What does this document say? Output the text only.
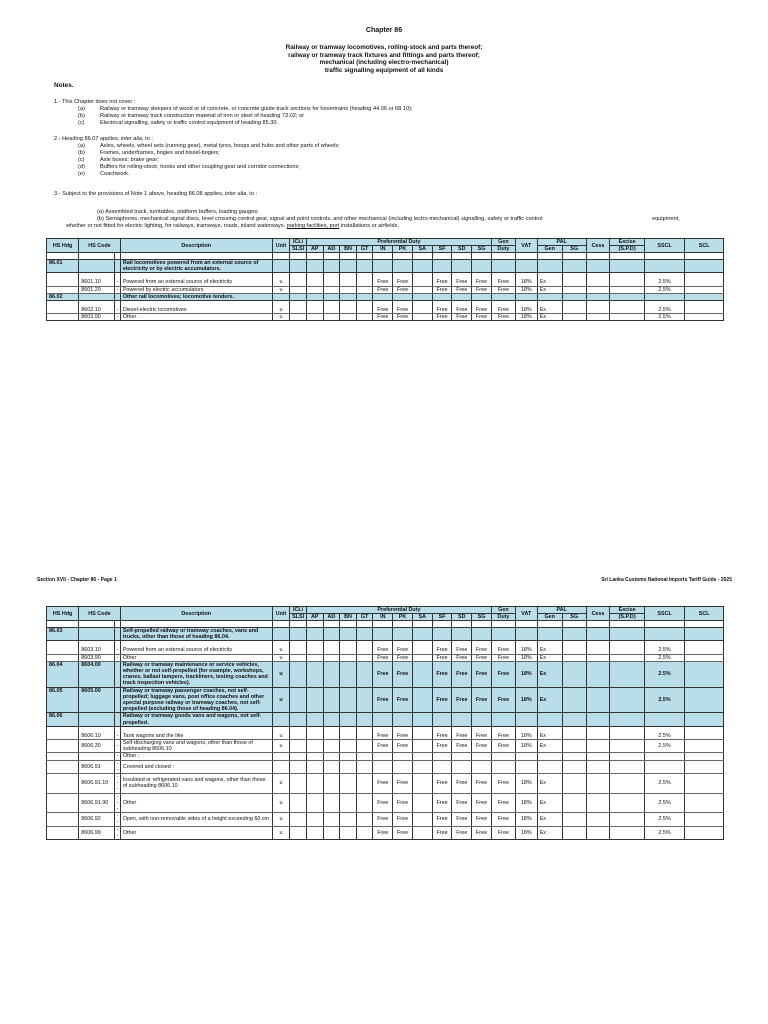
Chapter 86
Railway or tramway locomotives, rolling-stock and parts thereof;
railway or tramway track fixtures and fittings and parts thereof;
mechanical (including electro-mechanical)
traffic signalling equipment of all kinds
Notes.
1.- This Chapter does not cover :
(a)	Railway or tramway sleepers of wood or of concrete, or concrete guide-track sections for hovertrains (heading 44.06 or 68.10);
(b)	Railway or tramway track construction material of iron or steel of heading 73.02; or
(c)	Electrical signalling, safety or traffic control equipment of heading 85.30.
2.- Heading 86.07 applies, inter alia, to :
(a)	Axles, wheels, wheel sets (running gear), metal tyres, hoops and hubs and other parts of wheels;
(b)	Frames, underframes, bogies and bissel-bogies;
(c)	Axle boxes; brake gear;
(d)	Buffers for rolling-stock; hooks and other coupling gear and corridor connections;
(e)	Coachwork.
3.- Subject to the provisions of Note 1 above, heading 86.08 applies, inter alia, to :
(a) Assembled track, turntables, platform buffers, loading gauges;
(b) Semaphores, mechanical signal discs, level crossing control gear, signal and point controls, and other mechanical (including lectro-mechanical) signalling, safety or traffic control	equipment,
whether or not fitted for electric lighting, for railways, tramways, roads, inland waterways, parking facilities, port installations or airfields.
HS Hdg	HS Code		Description	Unit	ICL/	Preferential Duty										Gen	VAT	PAL		Cess	Excise	SSCL	SCL
					SLSI	AP	AD	BN	GT	IN	PK	SA	SF	SD	SG	Duty		Gen	SG		(S.P.D)		

86.01			Rail locomotives powered from an external source of electricity or by electric accumulators.																				

	8601.10	-	Powered from an external source of electricity	u						Free	Free		Free	Free	Free	Free	18%	Ex				2.5%	
	8601.20	-	Powered by electric accumulators	u						Free	Free		Free	Free	Free	Free	18%	Ex				2.5%	
86.02			Other rail locomotives; locomotive tenders.																				

	8602.10	-	Diesel-electric locomotives	u						Free	Free		Free	Free	Free	Free	18%	Ex				2.5%	
	8602.90	-	Other	u						Free	Free		Free	Free	Free	Free	18%	Ex				2.5%	
Section XVII - Chapter 86 - Page 1	Sri Lanka Customs National Imports Tariff Guide - 2025
HS Hdg	HS Code		Description	Unit	ICL/	Preferential Duty										Gen	VAT	PAL		Cess	Excise	SSCL	SCL
					SLSI	AP	AD	BN	GT	IN	PK	SA	SF	SD	SG	Duty		Gen	SG		(S.P.D)		

86.03			Self-propelled railway or tramway coaches, vans and trucks, other than those of heading 86.04.																				

	8603.10	-	Powered from an external source of electricity	u						Free	Free		Free	Free	Free	Free	18%	Ex				2.5%	
	8603.90	-	Other	u						Free	Free		Free	Free	Free	Free	18%	Ex				2.5%	
86.04	8604.00		Railway or tramway maintenance or service vehicles, whether or not self-propelled (for example, workshops, cranes, ballast tampers, trackliners, testing coaches and track inspection vehicles).	u						Free	Free		Free	Free	Free	Free	18%	Ex				2.5%	
86.05	8605.00		Railway or tramway passenger coaches, not self-propelled; luggage vans, post office coaches and other special purpose railway or tramway coaches, not self-propelled (excluding those of heading 86.04).	u						Free	Free		Free	Free	Free	Free	18%	Ex				2.5%	
86.06			Railway or tramway goods vans and wagons, not self-propelled.																				

	8606.10	-	Tank wagons and the like	u						Free	Free		Free	Free	Free	Free	18%	Ex				2.5%	
	8606.30	-	Self-discharging vans and wagons, other than those of subheading 8606.10	u						Free	Free		Free	Free	Free	Free	18%	Ex				2.5%	
		-	Other :																				
	8606.91	--	Covered and closed :																				
	8606.91.10	---	Insulated or refrigerated vans and wagons, other than those of subheading 8606.10	u						Free	Free		Free	Free	Free	Free	18%	Ex				2.5%	
	8606.91.90	---	Other	u						Free	Free		Free	Free	Free	Free	18%	Ex				2.5%	
	8606.92	--	Open, with non-removable sides of a height exceeding 60 cm	u						Free	Free		Free	Free	Free	Free	18%	Ex				2.5%	
	8606.99	--	Other	u						Free	Free		Free	Free	Free	Free	18%	Ex				2.5%	
